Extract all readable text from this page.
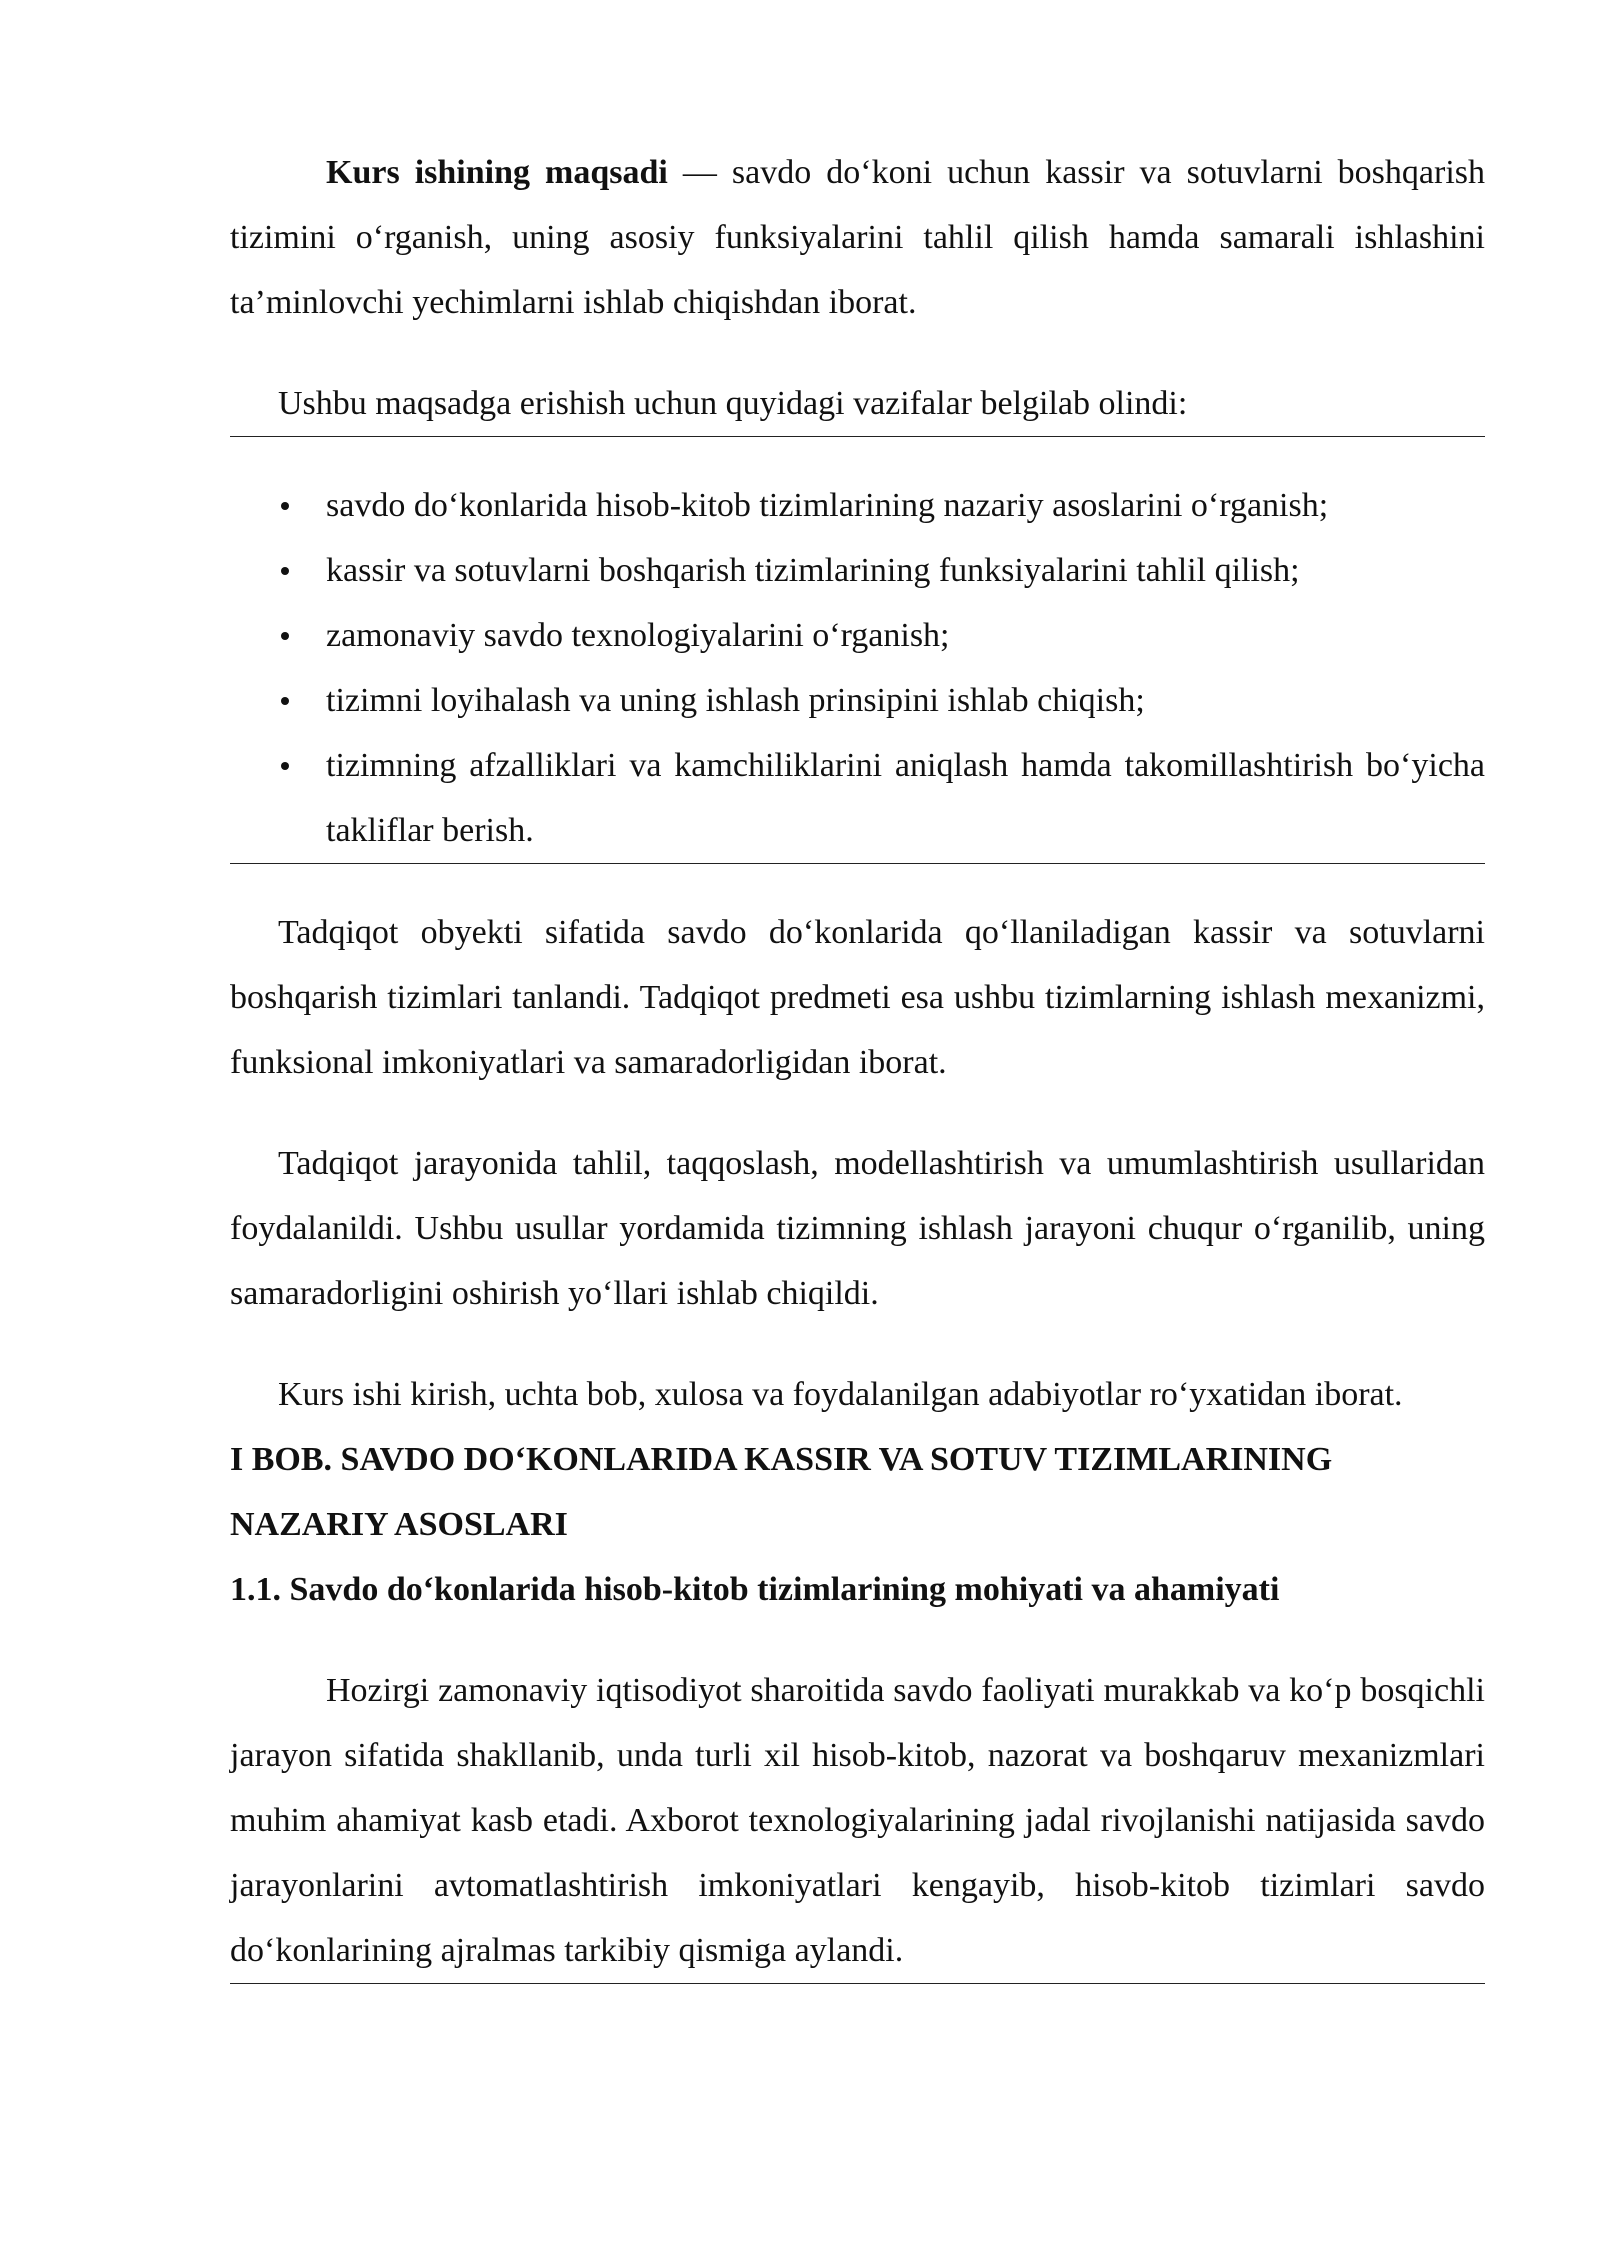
Kurs ishining maqsadi — savdo do‘koni uchun kassir va sotuvlarni boshqarish tizimini o‘rganish, uning asosiy funksiyalarini tahlil qilish hamda samarali ishlashini ta’minlovchi yechimlarni ishlab chiqishdan iborat.

Ushbu maqsadga erishish uchun quyidagi vazifalar belgilab olindi:

savdo do‘konlarida hisob-kitob tizimlarining nazariy asoslarini o‘rganish;
kassir va sotuvlarni boshqarish tizimlarining funksiyalarini tahlil qilish;
zamonaviy savdo texnologiyalarini o‘rganish;
tizimni loyihalash va uning ishlash prinsipini ishlab chiqish;
tizimning afzalliklari va kamchiliklarini aniqlash hamda takomillashtirish bo‘yicha takliflar berish.

Tadqiqot obyekti sifatida savdo do‘konlarida qo‘llaniladigan kassir va sotuvlarni boshqarish tizimlari tanlandi. Tadqiqot predmeti esa ushbu tizimlarning ishlash mexanizmi, funksional imkoniyatlari va samaradorligidan iborat.

Tadqiqot jarayonida tahlil, taqqoslash, modellashtirish va umumlashtirish usullaridan foydalanildi. Ushbu usullar yordamida tizimning ishlash jarayoni chuqur o‘rganilib, uning samaradorligini oshirish yo‘llari ishlab chiqildi.

Kurs ishi kirish, uchta bob, xulosa va foydalanilgan adabiyotlar ro‘yxatidan iborat.

I BOB. SAVDO DO‘KONLARIDA KASSIR VA SOTUV TIZIMLARINING NAZARIY ASOSLARI

1.1. Savdo do‘konlarida hisob-kitob tizimlarining mohiyati va ahamiyati

Hozirgi zamonaviy iqtisodiyot sharoitida savdo faoliyati murakkab va ko‘p bosqichli jarayon sifatida shakllanib, unda turli xil hisob-kitob, nazorat va boshqaruv mexanizmlari muhim ahamiyat kasb etadi. Axborot texnologiyalarining jadal rivojlanishi natijasida savdo jarayonlarini avtomatlashtirish imkoniyatlari kengayib, hisob-kitob tizimlari savdo do‘konlarining ajralmas tarkibiy qismiga aylandi.
